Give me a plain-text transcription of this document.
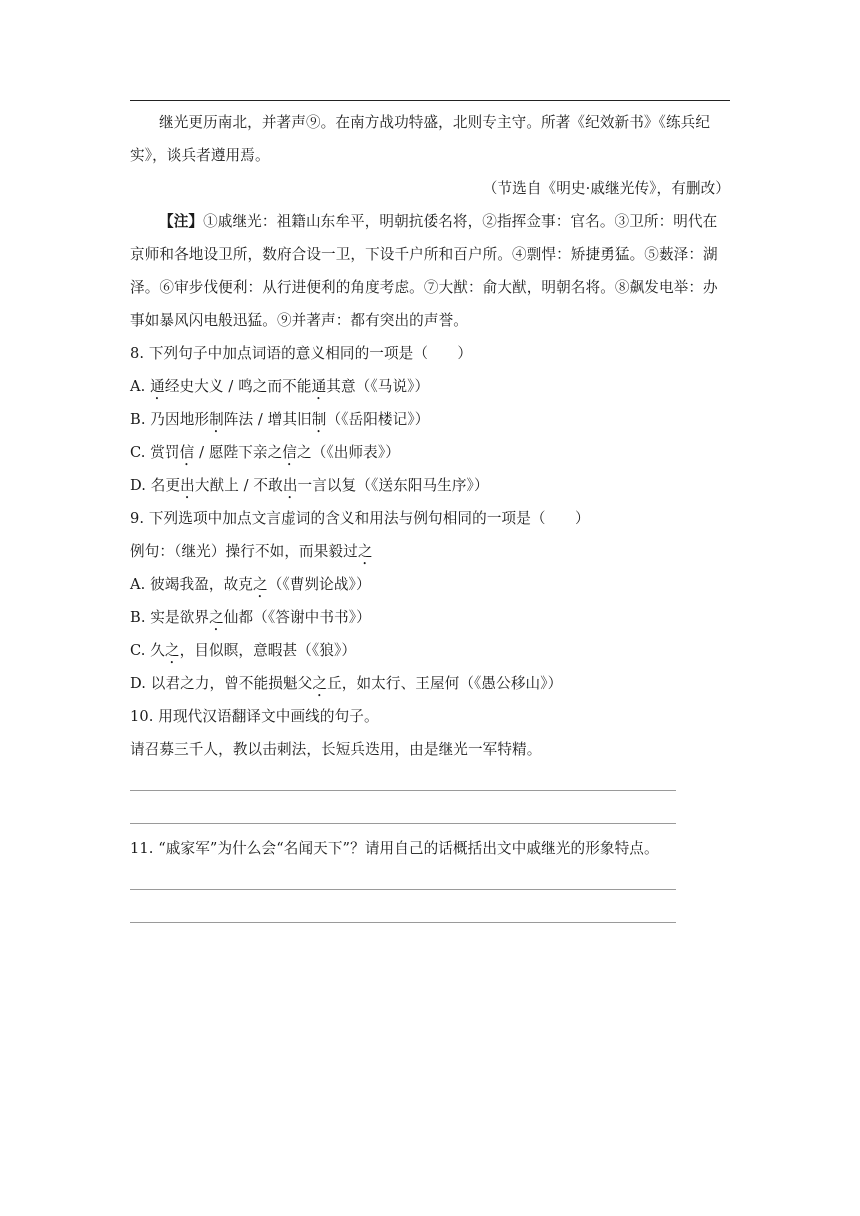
继光更历南北，并著声⑨。在南方战功特盛，北则专主守。所著《纪效新书》《练兵纪

实》，谈兵者遵用焉。

（节选自《明史·戚继光传》，有删改）

【注】①戚继光：祖籍山东牟平，明朝抗倭名将，②指挥佥事：官名。③卫所：明代在

京师和各地设卫所，数府合设一卫，下设千户所和百户所。④剽悍：矫捷勇猛。⑤薮泽：湖

泽。⑥审步伐便利：从行进便利的角度考虑。⑦大猷：俞大猷，明朝名将。⑧飙发电举：办

事如暴风闪电般迅猛。⑨并著声：都有突出的声誉。

8. 下列句子中加点词语的意义相同的一项是（　　）

A. 通经史大义 / 鸣之而不能通其意（《马说》）

B. 乃因地形制阵法 / 增其旧制（《岳阳楼记》）

C. 赏罚信 / 愿陛下亲之信之（《出师表》）

D. 名更出大猷上 / 不敢出一言以复（《送东阳马生序》）

9. 下列选项中加点文言虚词的含义和用法与例句相同的一项是（　　）

例句：（继光）操行不如，而果毅过之

A. 彼竭我盈，故克之（《曹刿论战》）

B. 实是欲界之仙都（《答谢中书书》）

C. 久之，目似瞑，意暇甚（《狼》）

D. 以君之力，曾不能损魁父之丘，如太行、王屋何（《愚公移山》）

10. 用现代汉语翻译文中画线的句子。

请召募三千人，教以击刺法，长短兵迭用，由是继光一军特精。

11. “戚家军”为什么会“名闻天下”？请用自己的话概括出文中戚继光的形象特点。
